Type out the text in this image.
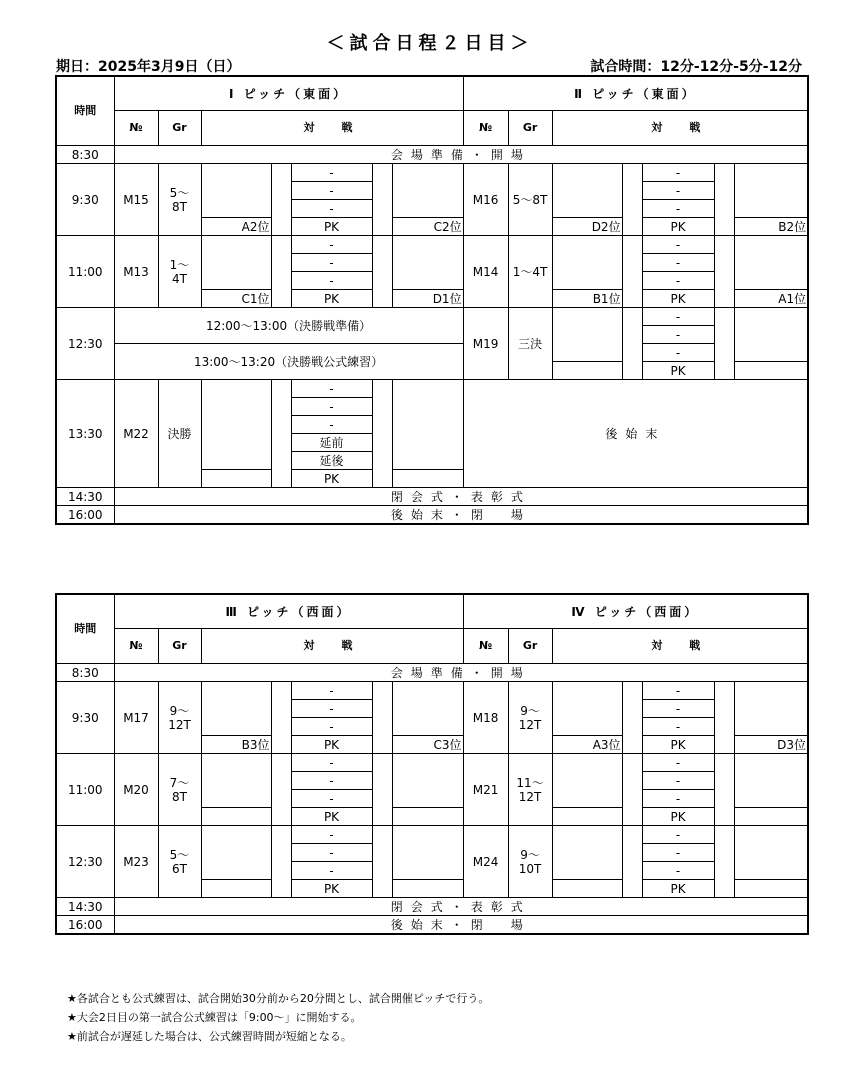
＜試合日程２日目＞
期日：2025年3月9日（日）	試合時間：12分-12分-5分-12分
時間	Ⅰ ピッチ（東面）							Ⅱ ピッチ（東面）						
	№	Gr	対　戦					№	Gr	対　戦				
8:30	会場準備・開場													
9:30	M15	5～8T			-			M16	5～8T			-		
					-							-		
					-							-		
			A2位		PK		C2位			D2位		PK		B2位
11:00	M13	1～4T			-			M14	1～4T			-		
					-							-		
					-							-		
			C1位		PK		D1位			B1位		PK		A1位
12:30	12:00～13:00（決勝戦準備）							M19	三決			-		
												-		
	13:00～13:20（決勝戦公式練習）											-		
												PK		
13:30	M22	決勝			-			後始末						
					-									
					-									
					延前									
					延後									
					PK									
14:30	閉会式・表彰式													
16:00	後始末・閉　場													
時間	Ⅲ ピッチ（西面）							Ⅳ ピッチ（西面）						
	№	Gr	対　戦					№	Gr	対　戦				
8:30	会場準備・開場													
9:30	M17	9～12T			-			M18	9～12T			-		
					-							-		
					-							-		
			B3位		PK		C3位			A3位		PK		D3位
11:00	M20	7～8T			-			M21	11～12T			-		
					-							-		
					-							-		
					PK							PK		
12:30	M23	5～6T			-			M24	9～10T			-		
					-							-		
					-							-		
					PK							PK		
14:30	閉会式・表彰式													
16:00	後始末・閉　場													
★各試合とも公式練習は、試合開始30分前から20分間とし、試合開催ピッチで行う。
★大会2日目の第一試合公式練習は「9:00～」に開始する。
★前試合が遅延した場合は、公式練習時間が短縮となる。
